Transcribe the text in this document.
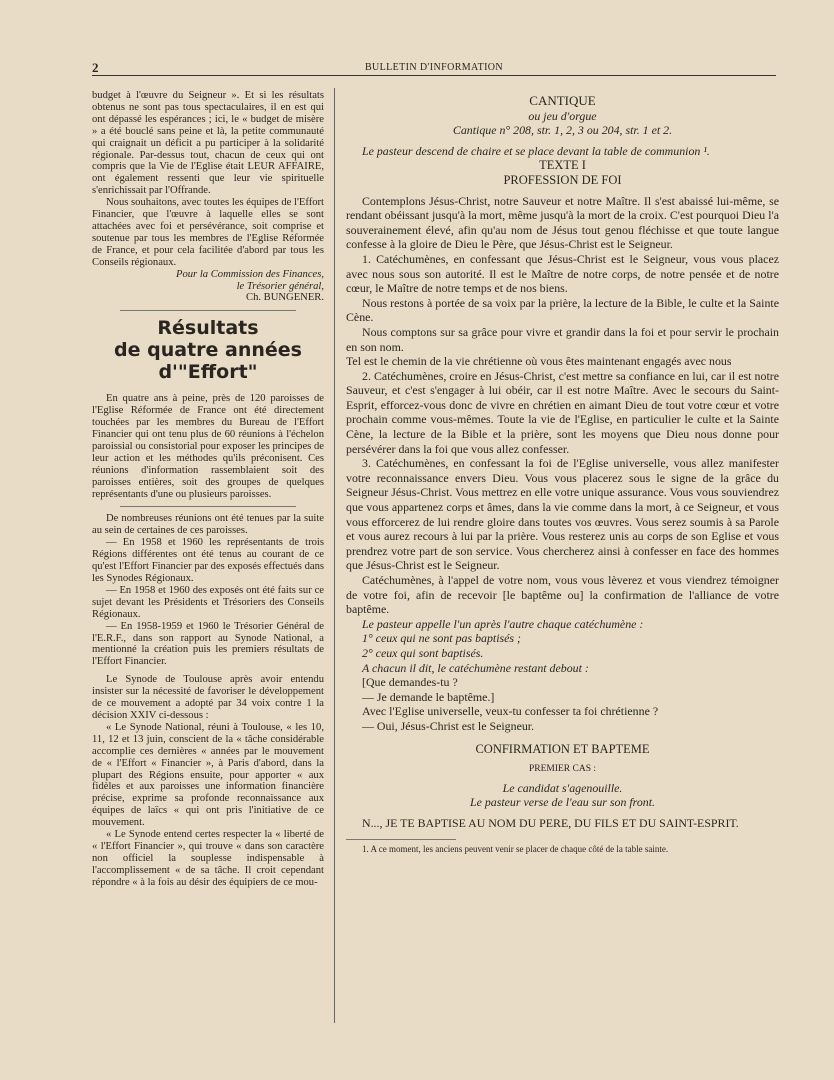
2	BULLETIN D'INFORMATION

budget à l'œuvre du Seigneur ». Et si les résultats obtenus ne sont pas tous spectaculaires, il en est qui ont dépassé les espérances ; ici, le « budget de misère » a été bouclé sans peine et là, la petite communauté qui craignait un déficit a pu participer à la solidarité régionale. Par-dessus tout, chacun de ceux qui ont compris que la Vie de l'Eglise était LEUR AFFAIRE, ont également ressenti que leur vie spirituelle s'enrichissait par l'Offrande.

Nous souhaitons, avec toutes les équipes de l'Effort Financier, que l'œuvre à laquelle elles se sont attachées avec foi et persévérance, soit comprise et soutenue par tous les membres de l'Eglise Réformée de France, et pour cela facilitée d'abord par tous les Conseils régionaux.

Pour la Commission des Finances,

le Trésorier général,

Ch. BUNGENER.

Résultats
de quatre années
d'"Effort"

En quatre ans à peine, près de 120 paroisses de l'Eglise Réformée de France ont été directement touchées par les membres du Bureau de l'Effort Financier qui ont tenu plus de 60 réunions à l'échelon paroissial ou consistorial pour exposer les principes de leur action et les méthodes qu'ils préconisent. Ces réunions d'information rassemblaient soit des paroisses entières, soit des groupes de quelques représentants d'une ou plusieurs paroisses.

De nombreuses réunions ont été tenues par la suite au sein de certaines de ces paroisses.

— En 1958 et 1960 les représentants de trois Régions différentes ont été tenus au courant de ce qu'est l'Effort Financier par des exposés effectués dans les Synodes Régionaux.

— En 1958 et 1960 des exposés ont été faits sur ce sujet devant les Présidents et Trésoriers des Conseils Régionaux.

— En 1958-1959 et 1960 le Trésorier Général de l'E.R.F., dans son rapport au Synode National, a mentionné la création puis les premiers résultats de l'Effort Financier.

Le Synode de Toulouse après avoir entendu insister sur la nécessité de favoriser le développement de ce mouvement a adopté par 34 voix contre 1 la décision XXIV ci-dessous :

« Le Synode National, réuni à Toulouse, « les 10, 11, 12 et 13 juin, conscient de la « tâche considérable accomplie ces dernières « années par le mouvement de « l'Effort « Financier », à Paris d'abord, dans la plupart des Régions ensuite, pour apporter « aux fidèles et aux paroisses une information financière précise, exprime sa profonde reconnaissance aux équipes de laïcs « qui ont pris l'initiative de ce mouvement.

« Le Synode entend certes respecter la « liberté de « l'Effort Financier », qui trouve « dans son caractère non officiel la souplesse indispensable à l'accomplissement « de sa tâche. Il croit cependant répondre « à la fois au désir des équipiers de ce mou-

CANTIQUE
ou jeu d'orgue
Cantique n° 208, str. 1, 2, 3 ou 204, str. 1 et 2.

Le pasteur descend de chaire et se place devant la table de communion ¹.

TEXTE I
PROFESSION DE FOI

Contemplons Jésus-Christ, notre Sauveur et notre Maître. Il s'est abaissé lui-même, se rendant obéissant jusqu'à la mort, même jusqu'à la mort de la croix. C'est pourquoi Dieu l'a souverainement élevé, afin qu'au nom de Jésus tout genou fléchisse et que toute langue confesse à la gloire de Dieu le Père, que Jésus-Christ est le Seigneur.

1. Catéchumènes, en confessant que Jésus-Christ est le Seigneur, vous vous placez avec nous sous son autorité. Il est le Maître de notre corps, de notre pensée et de notre cœur, le Maître de notre temps et de nos biens.

Nous restons à portée de sa voix par la prière, la lecture de la Bible, le culte et la Sainte Cène.

Nous comptons sur sa grâce pour vivre et grandir dans la foi et pour servir le prochain en son nom.

Tel est le chemin de la vie chrétienne où vous êtes maintenant engagés avec nous

2. Catéchumènes, croire en Jésus-Christ, c'est mettre sa confiance en lui, car il est notre Sauveur, et c'est s'engager à lui obéir, car il est notre Maître. Avec le secours du Saint-Esprit, efforcez-vous donc de vivre en chrétien en aimant Dieu de tout votre cœur et votre prochain comme vous-mêmes. Toute la vie de l'Eglise, en particulier le culte et la Sainte Cène, la lecture de la Bible et la prière, sont les moyens que Dieu nous donne pour persévérer dans la foi que vous allez confesser.

3. Catéchumènes, en confessant la foi de l'Eglise universelle, vous allez manifester votre reconnaissance envers Dieu. Vous vous placerez sous le signe de la grâce du Seigneur Jésus-Christ. Vous mettrez en elle votre unique assurance. Vous vous souviendrez que vous appartenez corps et âmes, dans la vie comme dans la mort, à ce Seigneur, et vous vous efforcerez de lui rendre gloire dans toutes vos œuvres. Vous serez soumis à sa Parole et vous aurez recours à lui par la prière. Vous resterez unis au corps de son Eglise et vous prendrez votre part de son service. Vous chercherez ainsi à confesser en face des hommes que Jésus-Christ est le Seigneur.

Catéchumènes, à l'appel de votre nom, vous vous lèverez et vous viendrez témoigner de votre foi, afin de recevoir [le baptême ou] la confirmation de l'alliance de votre baptême.

Le pasteur appelle l'un après l'autre chaque catéchumène :

1° ceux qui ne sont pas baptisés ;

2° ceux qui sont baptisés.

A chacun il dit, le catéchumène restant debout :

[Que demandes-tu ?

— Je demande le baptême.]

Avec l'Eglise universelle, veux-tu confesser ta foi chrétienne ?

— Oui, Jésus-Christ est le Seigneur.

CONFIRMATION ET BAPTEME
PREMIER CAS :
Le candidat s'agenouille.
Le pasteur verse de l'eau sur son front.

N..., JE TE BAPTISE AU NOM DU PERE, DU FILS ET DU SAINT-ESPRIT.

1. A ce moment, les anciens peuvent venir se placer de chaque côté de la table sainte.
